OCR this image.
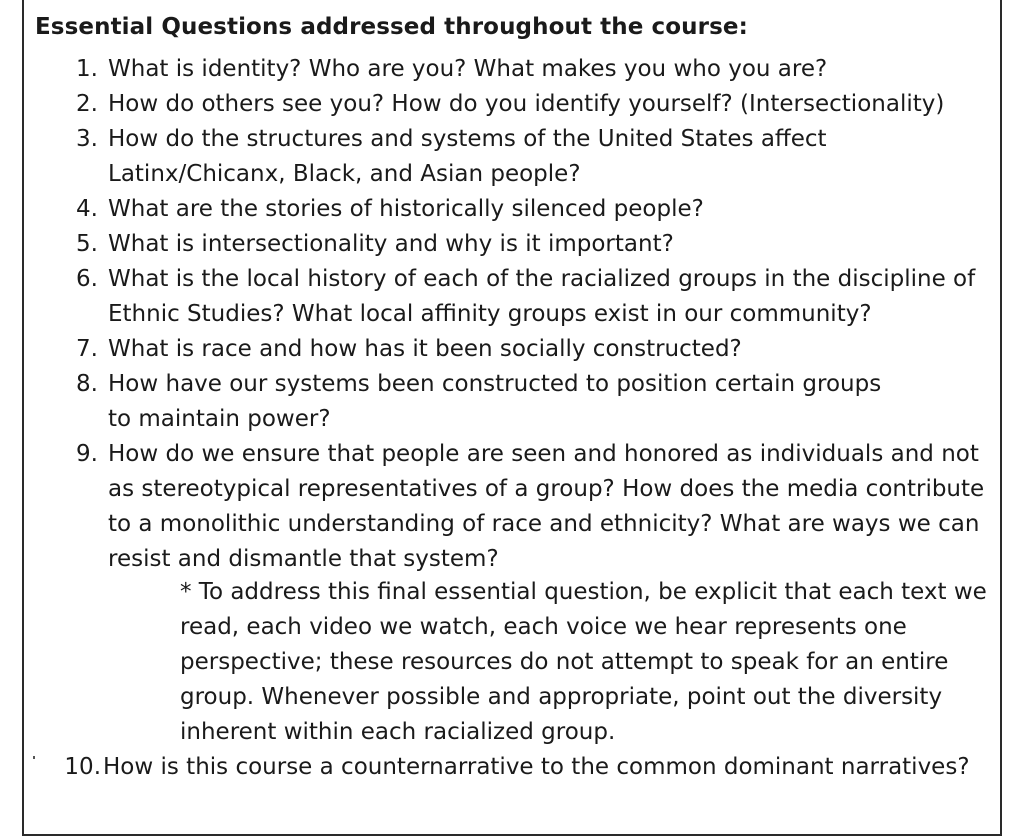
Essential Questions addressed throughout the course:
1. What is identity? Who are you? What makes you who you are?
2. How do others see you? How do you identify yourself? (Intersectionality)
3. How do the structures and systems of the United States affect Latinx/Chicanx, Black, and Asian people?
4. What are the stories of historically silenced people?
5. What is intersectionality and why is it important?
6. What is the local history of each of the racialized groups in the discipline of Ethnic Studies? What local affinity groups exist in our community?
7. What is race and how has it been socially constructed?
8. How have our systems been constructed to position certain groups to maintain power?
9. How do we ensure that people are seen and honored as individuals and not as stereotypical representatives of a group? How does the media contribute to a monolithic understanding of race and ethnicity? What are ways we can resist and dismantle that system?
* To address this final essential question, be explicit that each text we read, each video we watch, each voice we hear represents one perspective; these resources do not attempt to speak for an entire group. Whenever possible and appropriate, point out the diversity inherent within each racialized group.
10. How is this course a counternarrative to the common dominant narratives?
